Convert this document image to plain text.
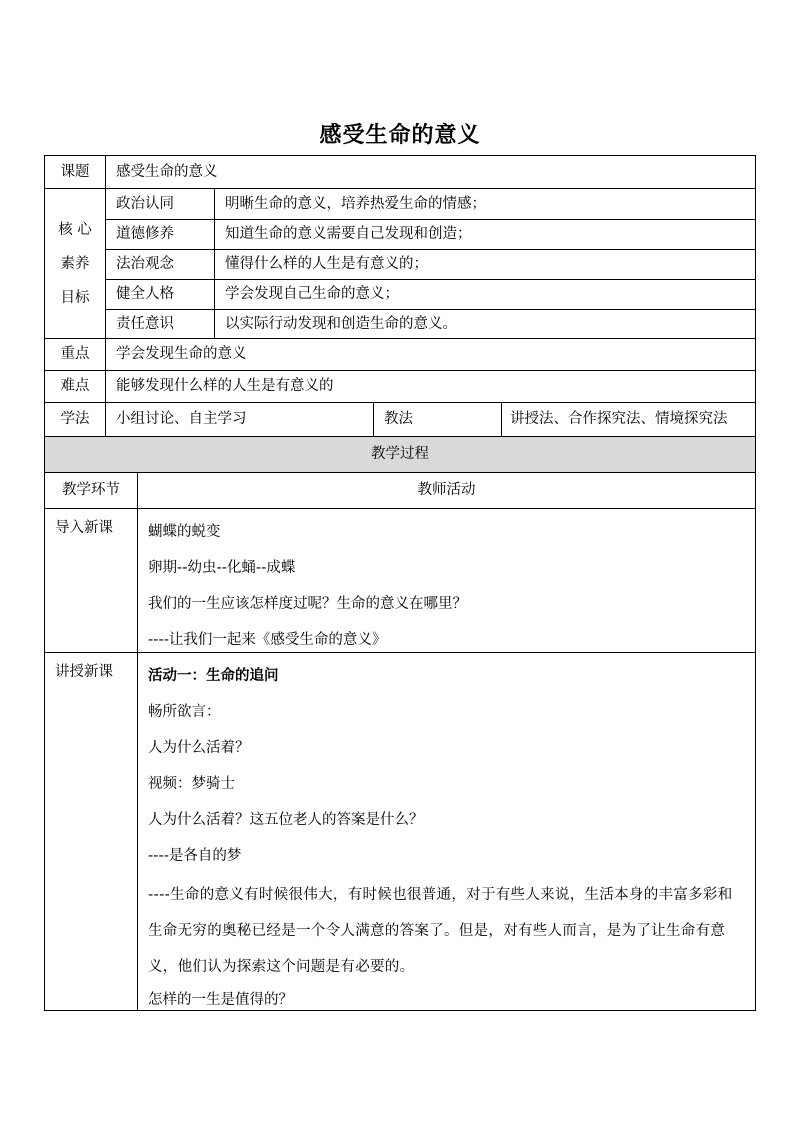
感受生命的意义
课题	感受生命的意义
核 心
素养
目标
政治认同	明晰生命的意义，培养热爱生命的情感；
道德修养	知道生命的意义需要自己发现和创造；
法治观念	懂得什么样的人生是有意义的；
健全人格	学会发现自己生命的意义；
责任意识	以实际行动发现和创造生命的意义。
重点	学会发现生命的意义
难点	能够发现什么样的人生是有意义的
学法	小组讨论、自主学习	教法	讲授法、合作探究法、情境探究法
教学过程
教学环节	教师活动
导入新课	蝴蝶的蜕变

卵期--幼虫--化蛹--成蝶

我们的一生应该怎样度过呢？生命的意义在哪里？

----让我们一起来《感受生命的意义》

讲授新课	活动一：生命的追问

畅所欲言：

人为什么活着？

视频：梦骑士

人为什么活着？这五位老人的答案是什么？

----是各自的梦

----生命的意义有时候很伟大，有时候也很普通，对于有些人来说，生活本身的丰富多彩和生命无穷的奥秘已经是一个令人满意的答案了。但是，对有些人而言，是为了让生命有意义，他们认为探索这个问题是有必要的。

怎样的一生是值得的？
